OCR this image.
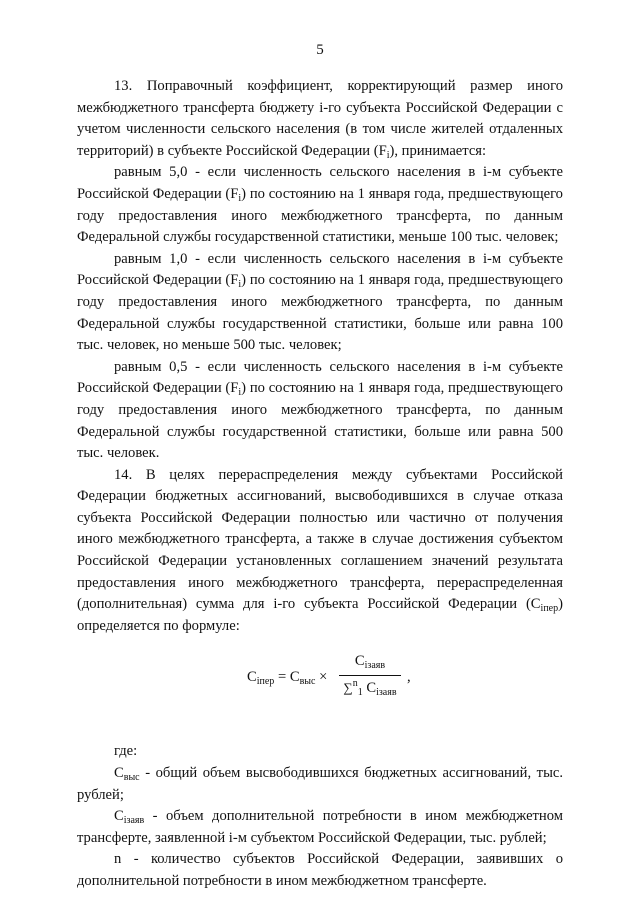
5

13. Поправочный коэффициент, корректирующий размер иного межбюджетного трансферта бюджету i-го субъекта Российской Федерации с учетом численности сельского населения (в том числе жителей отдаленных территорий) в субъекте Российской Федерации $(F_i)$, принимается:

равным 5,0 - если численность сельского населения в i-м субъекте Российской Федерации $(F_i)$ по состоянию на 1 января года, предшествующего году предоставления иного межбюджетного трансферта, по данным Федеральной службы государственной статистики, меньше 100 тыс. человек;

равным 1,0 - если численность сельского населения в i-м субъекте Российской Федерации $(F_i)$ по состоянию на 1 января года, предшествующего году предоставления иного межбюджетного трансферта, по данным Федеральной службы государственной статистики, больше или равна 100 тыс. человек, но меньше 500 тыс. человек;

равным 0,5 - если численность сельского населения в i-м субъекте Российской Федерации $(F_i)$ по состоянию на 1 января года, предшествующего году предоставления иного межбюджетного трансферта, по данным Федеральной службы государственной статистики, больше или равна 500 тыс. человек.

14. В целях перераспределения между субъектами Российской Федерации бюджетных ассигнований, высвободившихся в случае отказа субъекта Российской Федерации полностью или частично от получения иного межбюджетного трансферта, а также в случае достижения субъектом Российской Федерации установленных соглашением значений результата предоставления иного межбюджетного трансферта, перераспределенная (дополнительная) сумма для i-го субъекта Российской Федерации $(C_{iпер})$ определяется по формуле:

$C_{iпер} = C_{выс}$ ×
$C_{iзаяв}$
∑$^n_1$ $C_{iзаяв}$
,

где:

$C_{выс}$ - общий объем высвободившихся бюджетных ассигнований, тыс. рублей;

$C_{iзаяв}$ - объем дополнительной потребности в ином межбюджетном трансферте, заявленной i-м субъектом Российской Федерации, тыс. рублей;

n - количество субъектов Российской Федерации, заявивших о дополнительной потребности в ином межбюджетном трансферте.
